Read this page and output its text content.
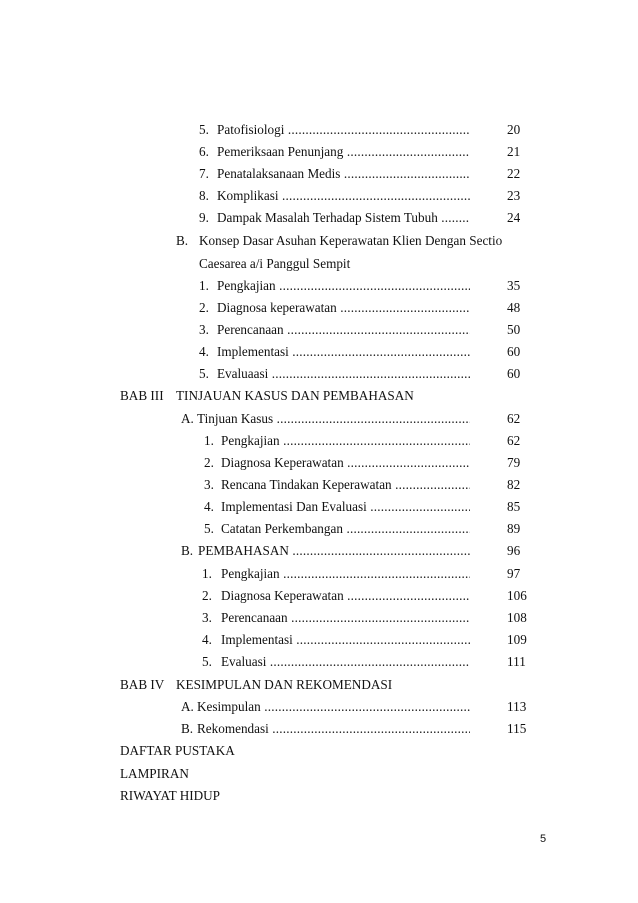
5. Patofisiologi .....	20
6. Pemeriksaan Penunjang .....	21
7. Penatalaksanaan Medis .....	22
8. Komplikasi .....	23
9. Dampak Masalah Terhadap Sistem Tubuh .....	24
B. Konsep Dasar Asuhan Keperawatan Klien Dengan Sectio
Caesarea a/i Panggul Sempit
1. Pengkajian .....	35
2. Diagnosa keperawatan .....	48
3. Perencanaan .....	50
4. Implementasi .....	60
5. Evaluaasi .....	60
BAB III TINJAUAN KASUS DAN PEMBAHASAN
A. Tinjuan Kasus .....	62
1. Pengkajian .....	62
2. Diagnosa Keperawatan .....	79
3. Rencana Tindakan Keperawatan .....	82
4. Implementasi Dan Evaluasi .....	85
5. Catatan Perkembangan .....	89
B. PEMBAHASAN .....	96
1. Pengkajian .....	97
2. Diagnosa Keperawatan .....	106
3. Perencanaan .....	108
4. Implementasi .....	109
5. Evaluasi .....	111
BAB IV KESIMPULAN DAN REKOMENDASI
A. Kesimpulan .....	113
B. Rekomendasi .....	115
DAFTAR PUSTAKA
LAMPIRAN
RIWAYAT HIDUP
5
